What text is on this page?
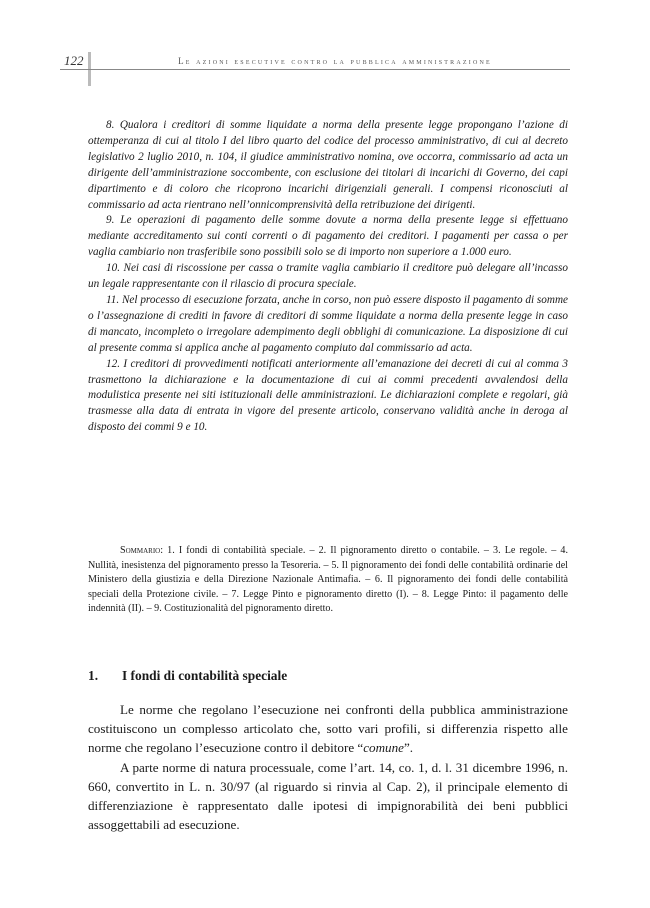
122	le azioni esecutive contro la pubblica amministrazione

8. Qualora i creditori di somme liquidate a norma della presente legge propongano l’azione di ottemperanza di cui al titolo I del libro quarto del codice del processo amministrativo, di cui al decreto legislativo 2 luglio 2010, n. 104, il giudice amministrativo nomina, ove occorra, commissario ad acta un dirigente dell’amministrazione soccombente, con esclusione dei titolari di incarichi di Governo, dei capi dipartimento e di coloro che ricoprono incarichi dirigenziali generali. I compensi riconosciuti al commissario ad acta rientrano nell’onnicomprensività della retribuzione dei dirigenti.

9. Le operazioni di pagamento delle somme dovute a norma della presente legge si effettuano mediante accreditamento sui conti correnti o di pagamento dei creditori. I pagamenti per cassa o per vaglia cambiario non trasferibile sono possibili solo se di importo non superiore a 1.000 euro.

10. Nei casi di riscossione per cassa o tramite vaglia cambiario il creditore può delegare all’incasso un legale rappresentante con il rilascio di procura speciale.

11. Nel processo di esecuzione forzata, anche in corso, non può essere disposto il pagamento di somme o l’assegnazione di crediti in favore di creditori di somme liquidate a norma della presente legge in caso di mancato, incompleto o irregolare adempimento degli obblighi di comunicazione. La disposizione di cui al presente comma si applica anche al pagamento compiuto dal commissario ad acta.

12. I creditori di provvedimenti notificati anteriormente all’emanazione dei decreti di cui al comma 3 trasmettono la dichiarazione e la documentazione di cui ai commi precedenti avvalendosi della modulistica presente nei siti istituzionali delle amministrazioni. Le dichiarazioni complete e regolari, già trasmesse alla data di entrata in vigore del presente articolo, conservano validità anche in deroga al disposto dei commi 9 e 10.

Sommario: 1. I fondi di contabilità speciale. – 2. Il pignoramento diretto o contabile. – 3. Le regole. – 4. Nullità, inesistenza del pignoramento presso la Tesoreria. – 5. Il pignoramento dei fondi delle contabilità ordinarie del Ministero della giustizia e della Direzione Nazionale Antimafia. – 6. Il pignoramento dei fondi delle contabilità speciali della Protezione civile. – 7. Legge Pinto e pignoramento diretto (I). – 8. Legge Pinto: il pagamento delle indennità (II). – 9. Costituzionalità del pignoramento diretto.

1. I fondi di contabilità speciale

Le norme che regolano l’esecuzione nei confronti della pubblica amministrazione costituiscono un complesso articolato che, sotto vari profili, si differenzia rispetto alle norme che regolano l’esecuzione contro il debitore “comune”.

A parte norme di natura processuale, come l’art. 14, co. 1, d. l. 31 dicembre 1996, n. 660, convertito in L. n. 30/97 (al riguardo si rinvia al Cap. 2), il principale elemento di differenziazione è rappresentato dalle ipotesi di impignorabilità dei beni pubblici assoggettabili ad esecuzione.
